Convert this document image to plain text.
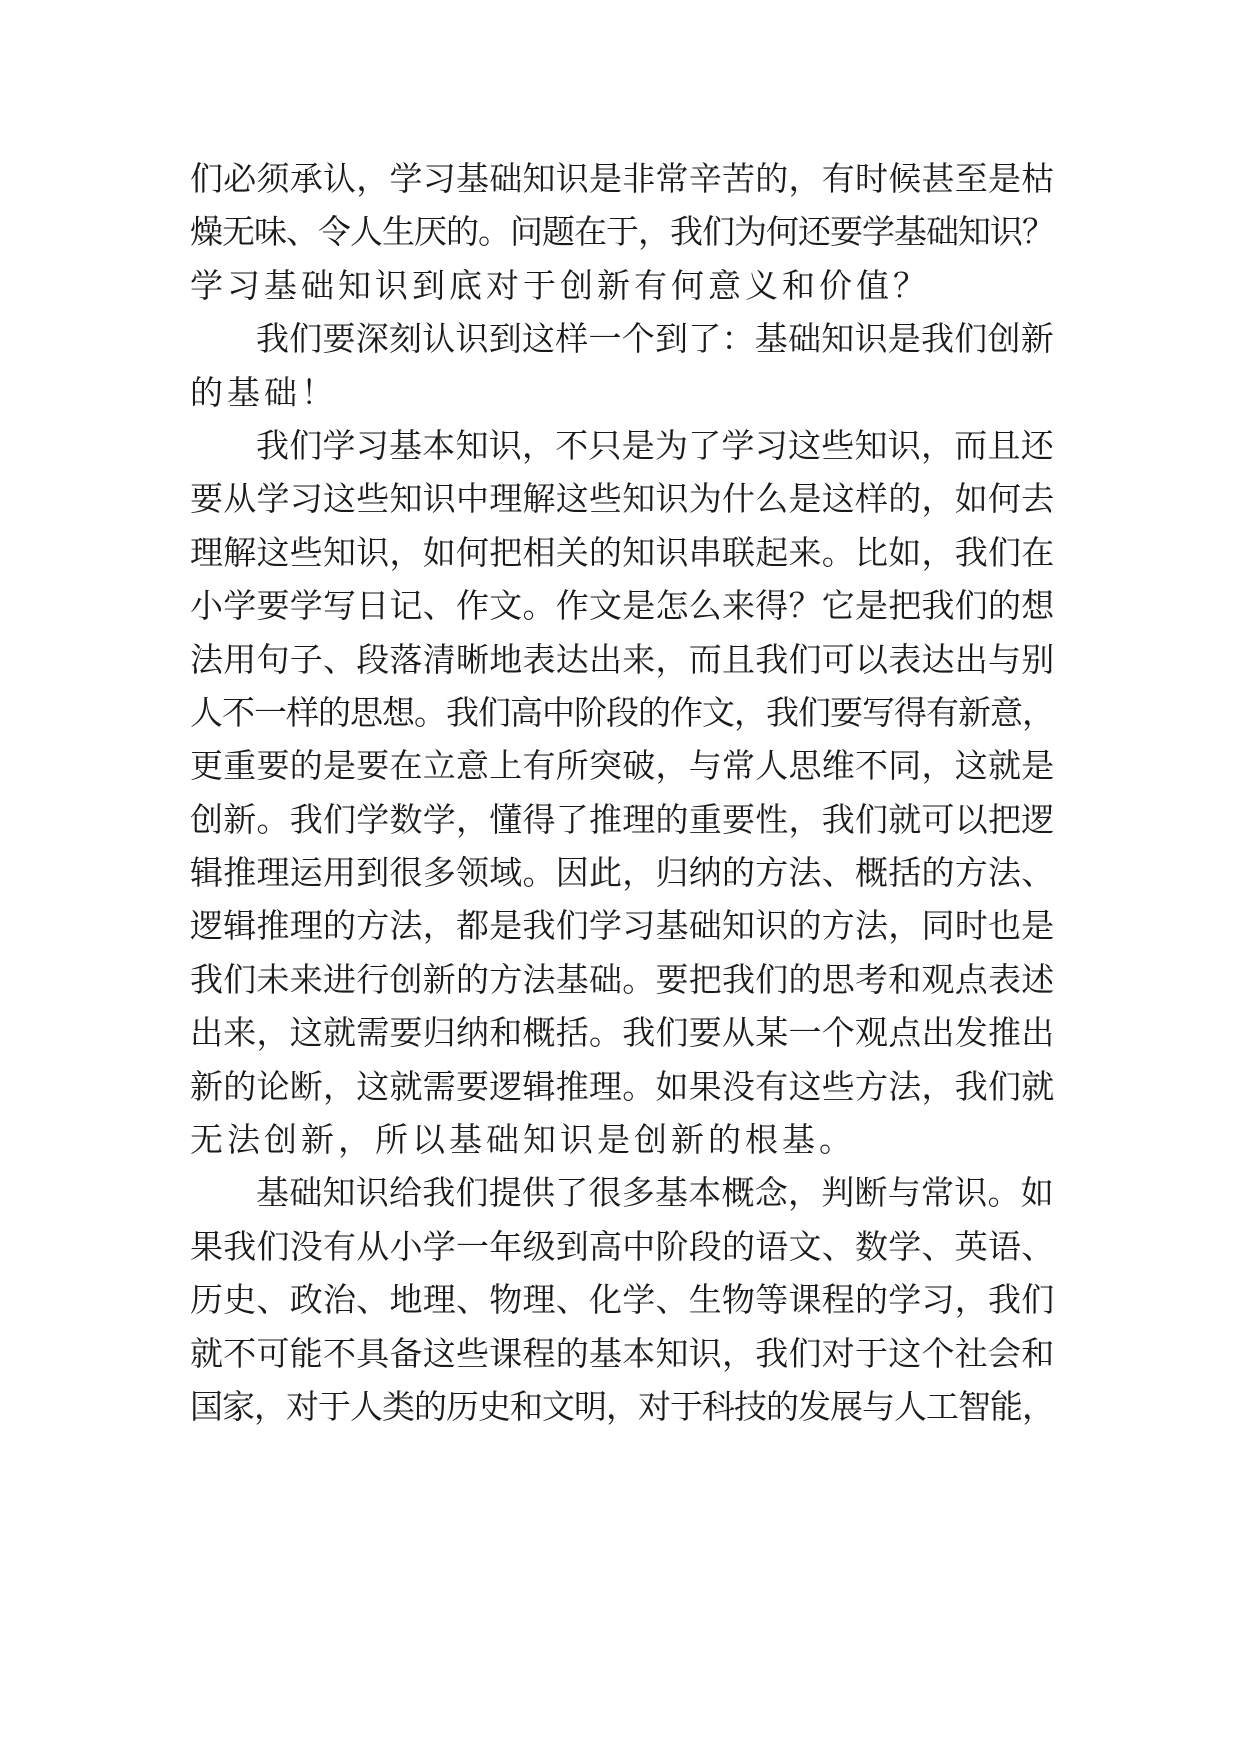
们必须承认，学习基础知识是非常辛苦的，有时候甚至是枯
燥无味、令人生厌的。问题在于，我们为何还要学基础知识？
学习基础知识到底对于创新有何意义和价值？
我们要深刻认识到这样一个到了：基础知识是我们创新
的基础！
我们学习基本知识，不只是为了学习这些知识，而且还
要从学习这些知识中理解这些知识为什么是这样的，如何去
理解这些知识，如何把相关的知识串联起来。比如，我们在
小学要学写日记、作文。作文是怎么来得？它是把我们的想
法用句子、段落清晰地表达出来，而且我们可以表达出与别
人不一样的思想。我们高中阶段的作文，我们要写得有新意，
更重要的是要在立意上有所突破，与常人思维不同，这就是
创新。我们学数学，懂得了推理的重要性，我们就可以把逻
辑推理运用到很多领域。因此，归纳的方法、概括的方法、
逻辑推理的方法，都是我们学习基础知识的方法，同时也是
我们未来进行创新的方法基础。要把我们的思考和观点表述
出来，这就需要归纳和概括。我们要从某一个观点出发推出
新的论断，这就需要逻辑推理。如果没有这些方法，我们就
无法创新，所以基础知识是创新的根基。
基础知识给我们提供了很多基本概念，判断与常识。如
果我们没有从小学一年级到高中阶段的语文、数学、英语、
历史、政治、地理、物理、化学、生物等课程的学习，我们
就不可能不具备这些课程的基本知识，我们对于这个社会和
国家，对于人类的历史和文明，对于科技的发展与人工智能，
